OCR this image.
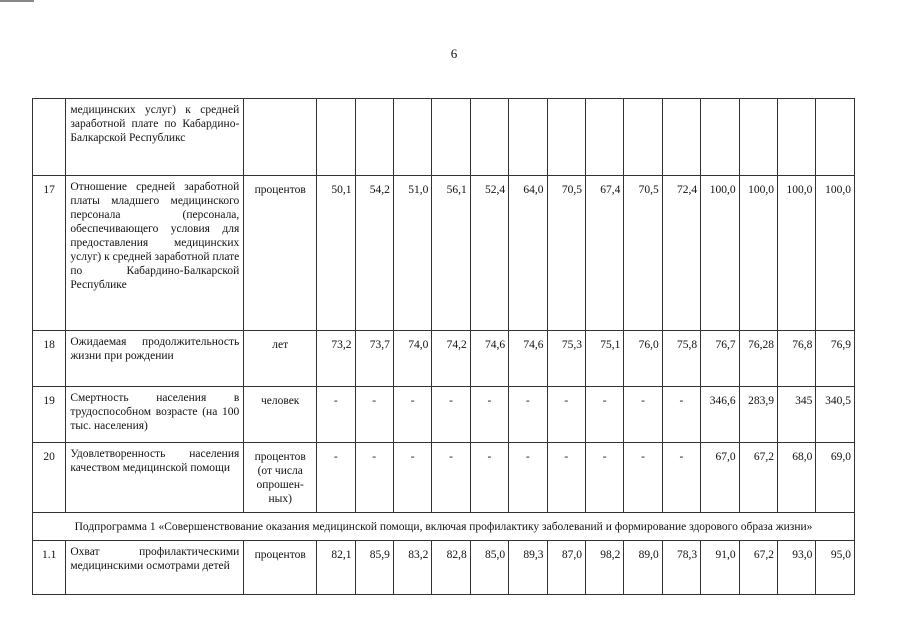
6
	медицинских услуг) к средней заработной плате по Кабардино-Балкарской Республикс															
17	Отношение средней заработной платы младшего медицинского персонала (персонала, обеспечивающего условия для предоставления медицинских услуг) к средней заработной плате по Кабардино-Балкарской Республике	процентов	50,1	54,2	51,0	56,1	52,4	64,0	70,5	67,4	70,5	72,4	100,0	100,0	100,0	100,0
18	Ожидаемая продолжительность жизни при рождении	лет	73,2	73,7	74,0	74,2	74,6	74,6	75,3	75,1	76,0	75,8	76,7	76,28	76,8	76,9
19	Смертность населения в трудоспособном возрасте (на 100 тыс. населения)	человек	-	-	-	-	-	-	-	-	-	-	346,6	283,9	345	340,5
20	Удовлетворенность населения качеством медицинской помощи	процентов (от числа опрошен-ных)	-	-	-	-	-	-	-	-	-	-	67,0	67,2	68,0	69,0
Подпрограмма 1 «Совершенствование оказания медицинской помощи, включая профилактику заболеваний и формирование здорового образа жизни»																
1.1	Охват профилактическими медицинскими осмотрами детей	процентов	82,1	85,9	83,2	82,8	85,0	89,3	87,0	98,2	89,0	78,3	91,0	67,2	93,0	95,0
